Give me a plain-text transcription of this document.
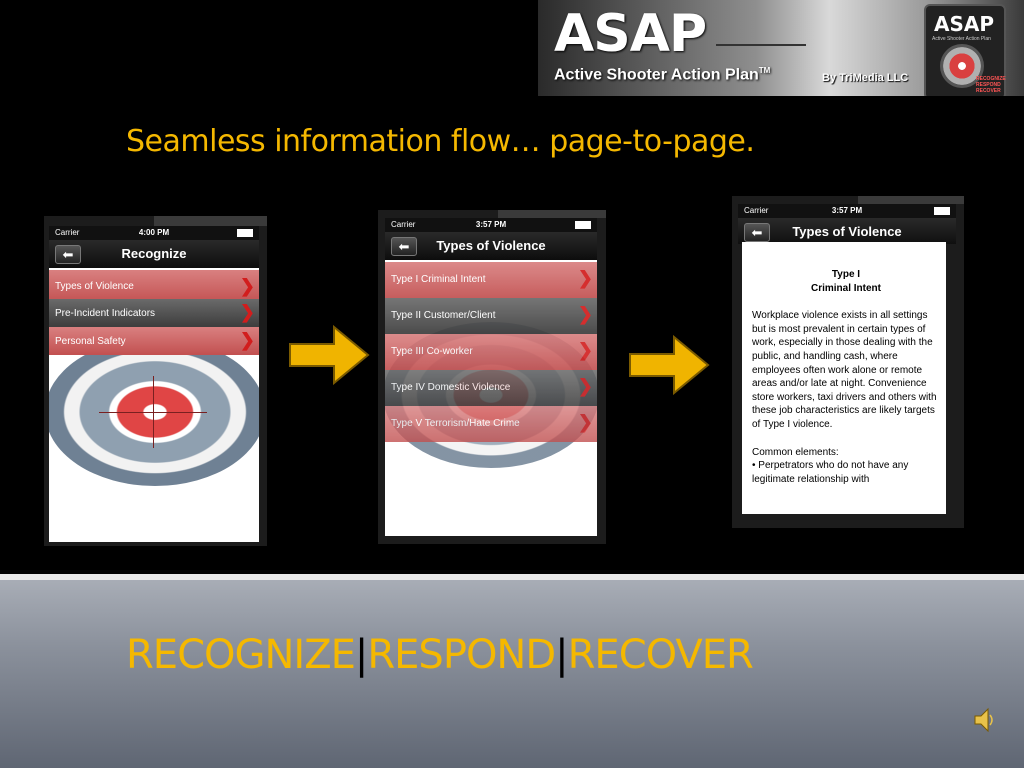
ASAP
Active Shooter Action Plan™
By TriMedia LLC
ASAP
Active Shooter Action Plan
RECOGNIZE RESPOND RECOVER
Seamless information flow… page-to-page.
Carrier	4:00 PM
⬅	Recognize
Types of Violence	❯
Pre-Incident Indicators	❯
Personal Safety	❯
Carrier	3:57 PM
⬅	Types of Violence
Type I Criminal Intent	❯
Type II Customer/Client	❯
Type III Co-worker	❯
Type IV Domestic Violence	❯
Type V Terrorism/Hate Crime	❯
Carrier	3:57 PM
⬅	Types of Violence
Type I
Criminal Intent
Workplace violence exists in all settings but is most prevalent in certain types of work, especially in those dealing with the public, and handling cash, where employees often work alone or remote areas and/or late at night. Convenience store workers, taxi drivers and others with these job characteristics are likely targets of Type I violence.
Common elements:
• Perpetrators who do not have any legitimate relationship with
RECOGNIZE|RESPOND|RECOVER
